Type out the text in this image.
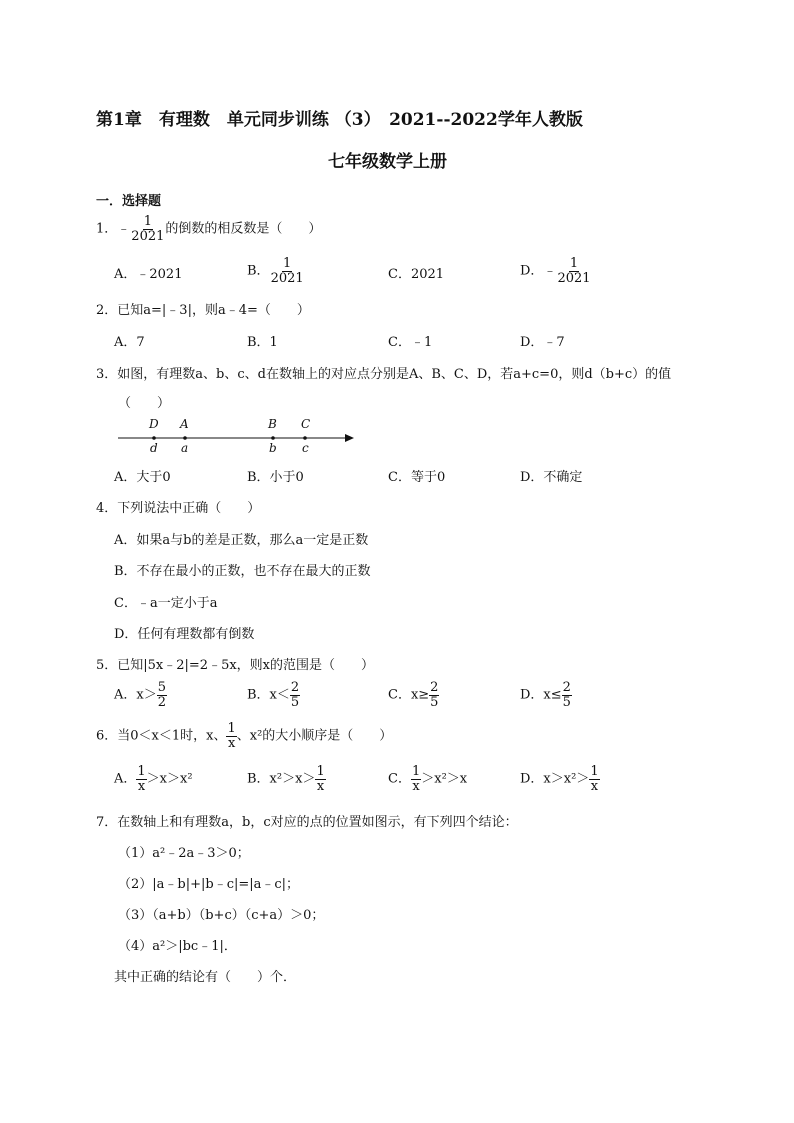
第1章　有理数　单元同步训练 （3）　2021--2022学年人教版
七年级数学上册
一．选择题
1．﹣ $\frac{1}{2021}$ 的倒数的相反数是（　　）
A．﹣2021	B． $\frac{1}{2021}$	C．2021	D．﹣ $\frac{1}{2021}$
2．已知a=|﹣3|，则a﹣4=（　　）
A．7	B．1	C．﹣1	D．﹣7
3．如图，有理数a、b、c、d在数轴上的对应点分别是A、B、C、D，若a+c=0，则d（b+c）的值
（　　）
D A	B C
d a	b c
A．大于0	B．小于0	C．等于0	D．不确定
4．下列说法中正确（　　）
A．如果a与b的差是正数，那么a一定是正数
B．不存在最小的正数，也不存在最大的正数
C．﹣a一定小于a
D．任何有理数都有倒数
5．已知|5x﹣2|=2﹣5x，则x的范围是（　　）
A．$x> \frac{5}{2}$	B．$x< \frac{2}{5}$	C．$x\ge \frac{2}{5}$	D．$x\le \frac{2}{5}$
6．当0＜x＜1时，x、 $\frac{1}{x}$ 、x²的大小顺序是（　　）
A． $\frac{1}{x} >x>x^2$	B．$x^2>x> \frac{1}{x}$	C． $\frac{1}{x} >x^2>x$	D．$x>x^2> \frac{1}{x}$
7．在数轴上和有理数a，b，c对应的点的位置如图示，有下列四个结论：
（1）a²﹣2a﹣3＞0；
（2）|a﹣b|+|b﹣c|=|a﹣c|；
（3）（a+b）（b+c）（c+a）＞0；
（4）a²＞|bc﹣1|．
其中正确的结论有（　　）个．
